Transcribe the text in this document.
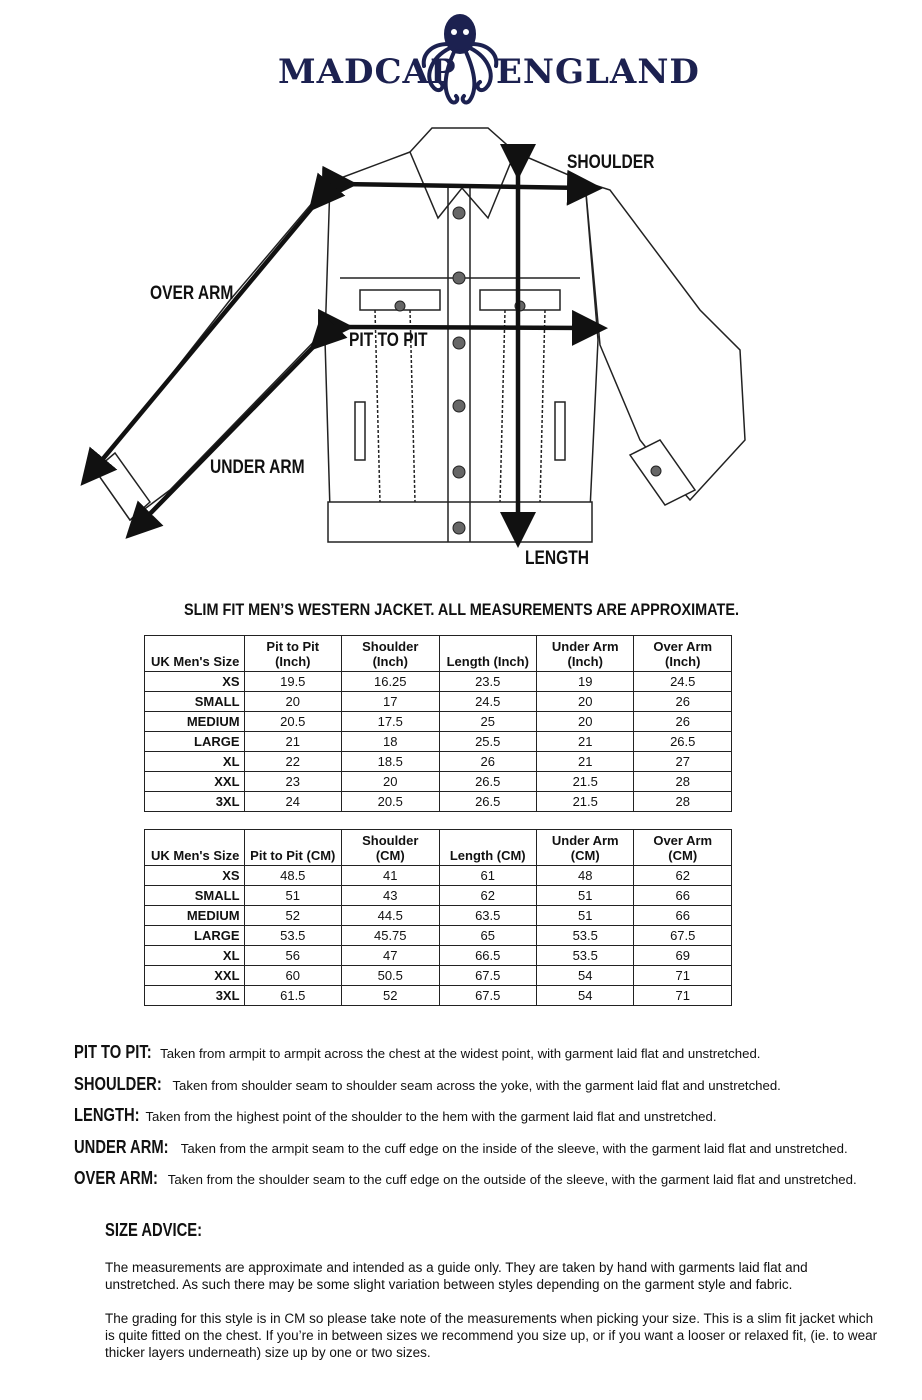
MADCAP ENGLAND
SHOULDER
OVER ARM
PIT TO PIT
UNDER ARM
LENGTH
SLIM FIT MEN’S WESTERN JACKET. ALL MEASUREMENTS ARE APPROXIMATE.
UK Men's Size	Pit to Pit (Inch)	Shoulder (Inch)	Length (Inch)	Under Arm (Inch)	Over Arm (Inch)
XS	19.5	16.25	23.5	19	24.5
SMALL	20	17	24.5	20	26
MEDIUM	20.5	17.5	25	20	26
LARGE	21	18	25.5	21	26.5
XL	22	18.5	26	21	27
XXL	23	20	26.5	21.5	28
3XL	24	20.5	26.5	21.5	28
UK Men's Size	Pit to Pit (CM)	Shoulder (CM)	Length (CM)	Under Arm (CM)	Over Arm (CM)
XS	48.5	41	61	48	62
SMALL	51	43	62	51	66
MEDIUM	52	44.5	63.5	51	66
LARGE	53.5	45.75	65	53.5	67.5
XL	56	47	66.5	53.5	69
XXL	60	50.5	67.5	54	71
3XL	61.5	52	67.5	54	71
PIT TO PIT: Taken from armpit to armpit across the chest at the widest point, with garment laid flat and unstretched.
SHOULDER: Taken from shoulder seam to shoulder seam across the yoke, with the garment laid flat and unstretched.
LENGTH: Taken from the highest point of the shoulder to the hem with the garment laid flat and unstretched.
UNDER ARM: Taken from the armpit seam to the cuff edge on the inside of the sleeve, with the garment laid flat and unstretched.
OVER ARM: Taken from the shoulder seam to the cuff edge on the outside of the sleeve, with the garment laid flat and unstretched.
SIZE ADVICE:

The measurements are approximate and intended as a guide only. They are taken by hand with garments laid flat and unstretched. As such there may be some slight variation between styles depending on the garment style and fabric.

The grading for this style is in CM so please take note of the measurements when picking your size. This is a slim fit jacket which is quite fitted on the chest. If you’re in between sizes we recommend you size up, or if you want a looser or relaxed fit, (ie. to wear thicker layers underneath) size up by one or two sizes.
